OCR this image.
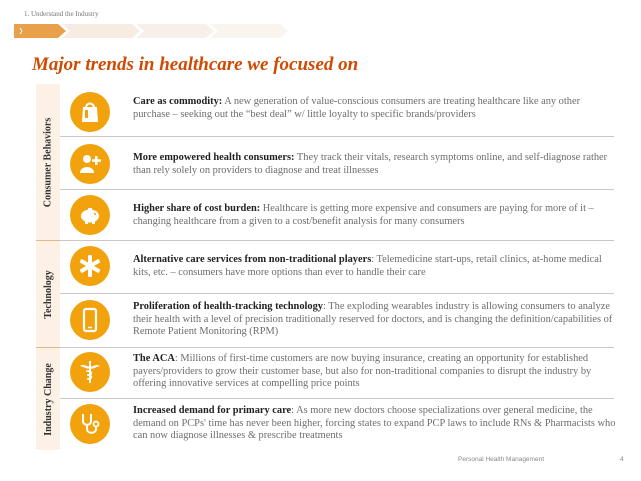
1. Understand the Industry
Major trends in healthcare we focused on
Consumer Behaviors
Technology
Industry Change
Care as commodity: A new generation of value-conscious consumers are treating healthcare like any other purchase – seeking out the “best deal” w/ little loyalty to specific brands/providers
More empowered health consumers: They track their vitals, research symptoms online, and self-diagnose rather than rely solely on providers to diagnose and treat illnesses
Higher share of cost burden: Healthcare is getting more expensive and consumers are paying for more of it – changing healthcare from a given to a cost/benefit analysis for many consumers
Alternative care services from non-traditional players: Telemedicine start-ups, retail clinics, at-home medical kits, etc. – consumers have more options than ever to handle their care
Proliferation of health-tracking technology: The exploding wearables industry is allowing consumers to analyze their health with a level of precision traditionally reserved for doctors, and is changing the definition/capabilities of Remote Patient Monitoring (RPM)
The ACA: Millions of first-time customers are now buying insurance, creating an opportunity for established payers/providers to grow their customer base, but also for non-traditional companies to disrupt the industry by offering innovative services at compelling price points
Increased demand for primary care: As more new doctors choose specializations over general medicine, the demand on PCPs' time has never been higher, forcing states to expand PCP laws to include RNs & Pharmacists who can now diagnose illnesses & prescribe treatments
Personal Health Management	4
